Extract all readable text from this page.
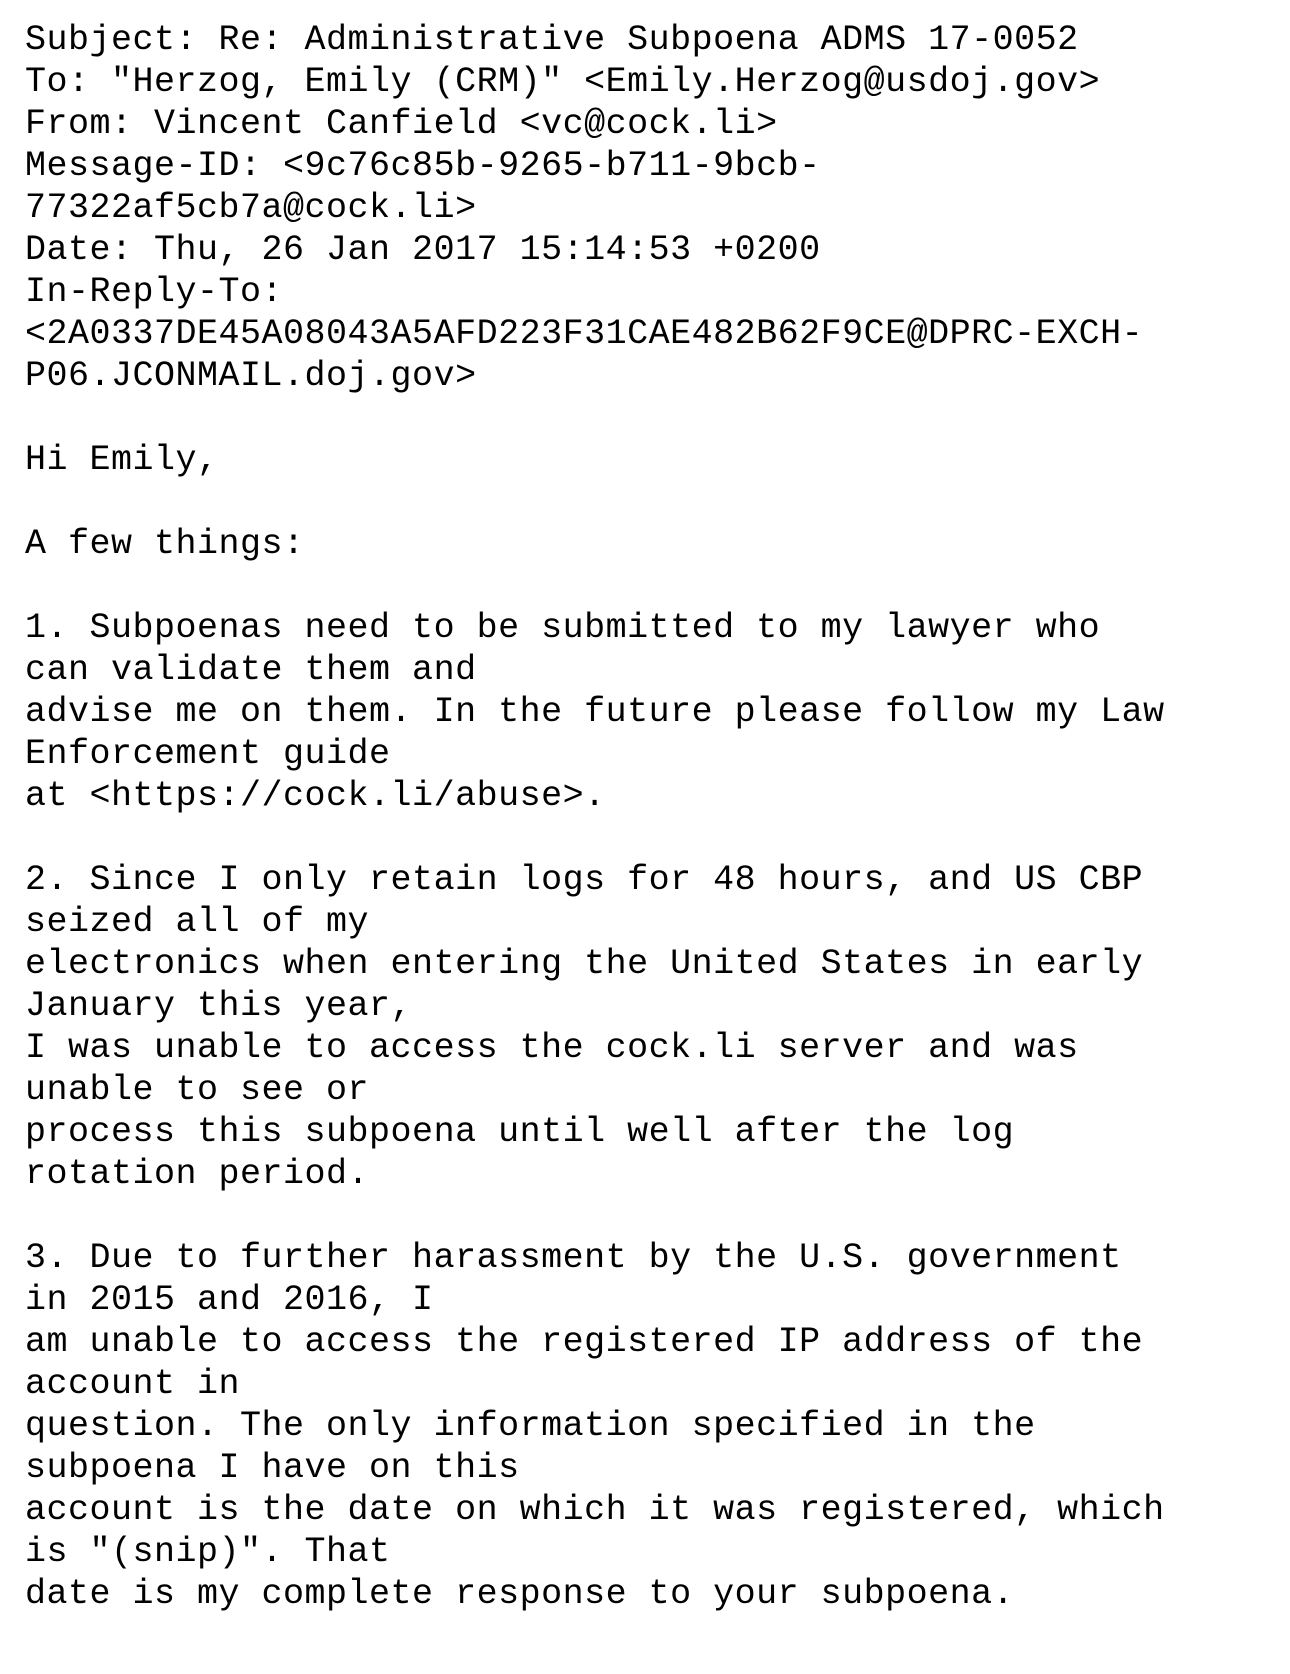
Subject: Re: Administrative Subpoena ADMS 17-0052
To: "Herzog, Emily (CRM)" <Emily.Herzog@usdoj.gov>
From: Vincent Canfield <vc@cock.li>
Message-ID: <9c76c85b-9265-b711-9bcb-
77322af5cb7a@cock.li>
Date: Thu, 26 Jan 2017 15:14:53 +0200
In-Reply-To:
<2A0337DE45A08043A5AFD223F31CAE482B62F9CE@DPRC-EXCH-
P06.JCONMAIL.doj.gov>
Hi Emily,
A few things:
1. Subpoenas need to be submitted to my lawyer who
can validate them and
advise me on them. In the future please follow my Law
Enforcement guide
at <https://cock.li/abuse>.
2. Since I only retain logs for 48 hours, and US CBP
seized all of my
electronics when entering the United States in early
January this year,
I was unable to access the cock.li server and was
unable to see or
process this subpoena until well after the log
rotation period.
3. Due to further harassment by the U.S. government
in 2015 and 2016, I
am unable to access the registered IP address of the
account in
question. The only information specified in the
subpoena I have on this
account is the date on which it was registered, which
is "(snip)". That
date is my complete response to your subpoena.
